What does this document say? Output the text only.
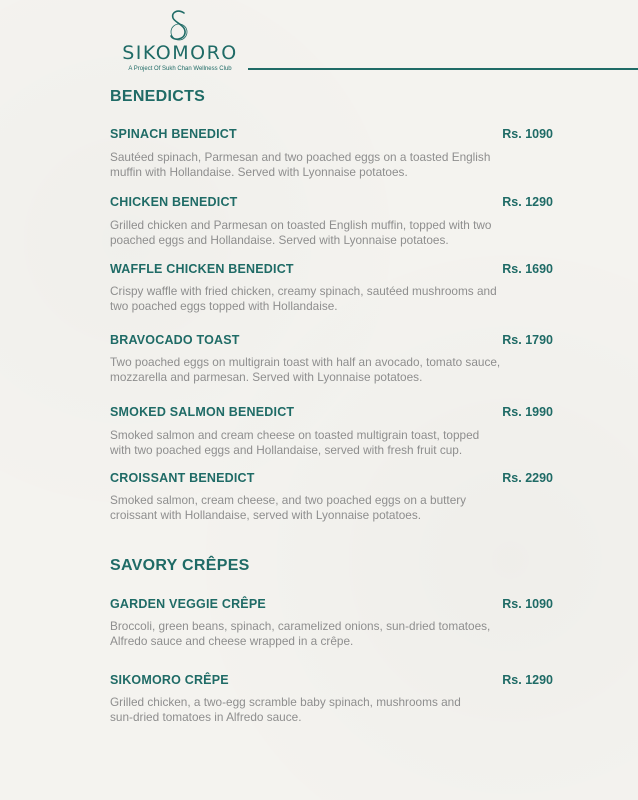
SIKOMORO
A Project Of Sukh Chan Wellness Club
BENEDICTS
SPINACH BENEDICT	Rs. 1090
Sautéed spinach, Parmesan and two poached eggs on a toasted English
muffin with Hollandaise. Served with Lyonnaise potatoes.
CHICKEN BENEDICT	Rs. 1290
Grilled chicken and Parmesan on toasted English muffin, topped with two
poached eggs and Hollandaise. Served with Lyonnaise potatoes.
WAFFLE CHICKEN BENEDICT	Rs. 1690
Crispy waffle with fried chicken, creamy spinach, sautéed mushrooms and
two poached eggs topped with Hollandaise.
BRAVOCADO TOAST	Rs. 1790
Two poached eggs on multigrain toast with half an avocado, tomato sauce,
mozzarella and parmesan. Served with Lyonnaise potatoes.
SMOKED SALMON BENEDICT	Rs. 1990
Smoked salmon and cream cheese on toasted multigrain toast, topped
with two poached eggs and Hollandaise, served with fresh fruit cup.
CROISSANT BENEDICT	Rs. 2290
Smoked salmon, cream cheese, and two poached eggs on a buttery
croissant with Hollandaise, served with Lyonnaise potatoes.
SAVORY CRÊPES
GARDEN VEGGIE CRÊPE	Rs. 1090
Broccoli, green beans, spinach, caramelized onions, sun-dried tomatoes,
Alfredo sauce and cheese wrapped in a crêpe.
SIKOMORO CRÊPE	Rs. 1290
Grilled chicken, a two-egg scramble baby spinach, mushrooms and
sun-dried tomatoes in Alfredo sauce.
